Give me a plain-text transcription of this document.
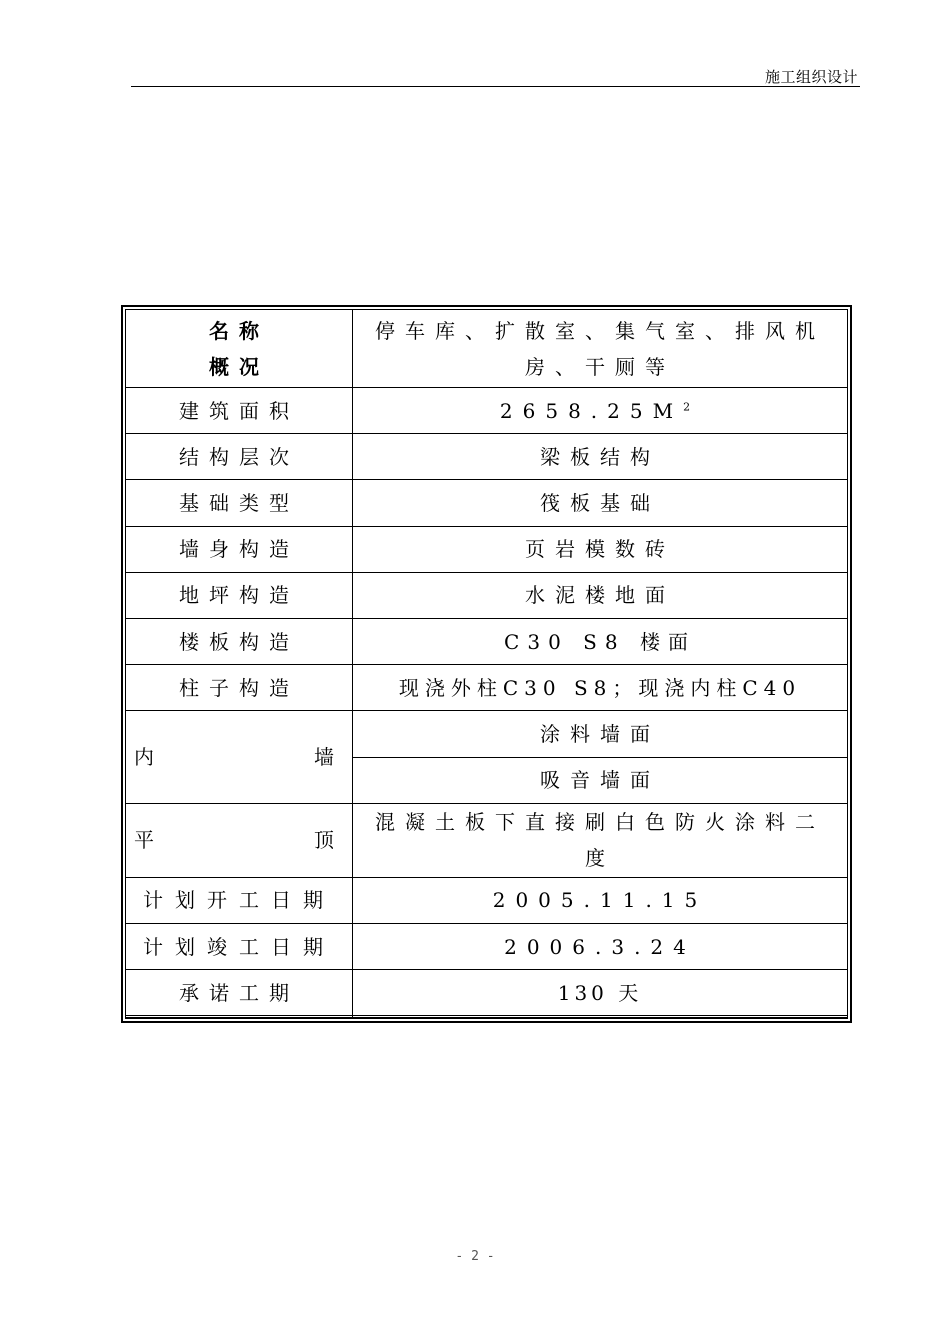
施工组织设计
名称
概况	停车库、扩散室、集气室、排风机房、干厕等
建筑面积	$2658.25M^2$
结构层次	梁板结构
基础类型	筏板基础
墙身构造	页岩模数砖
地坪构造	水泥楼地面
楼板构造	C30 S8 楼面
柱子构造	现浇外柱C30 S8；现浇内柱C40

内 墙	涂料墙面
	吸音墙面

平 顶	混凝土板下直接刷白色防火涂料二度
计划开工日期	2005.11.15
计划竣工日期	2006.3.24
承诺工期	130 天

- 2 -
